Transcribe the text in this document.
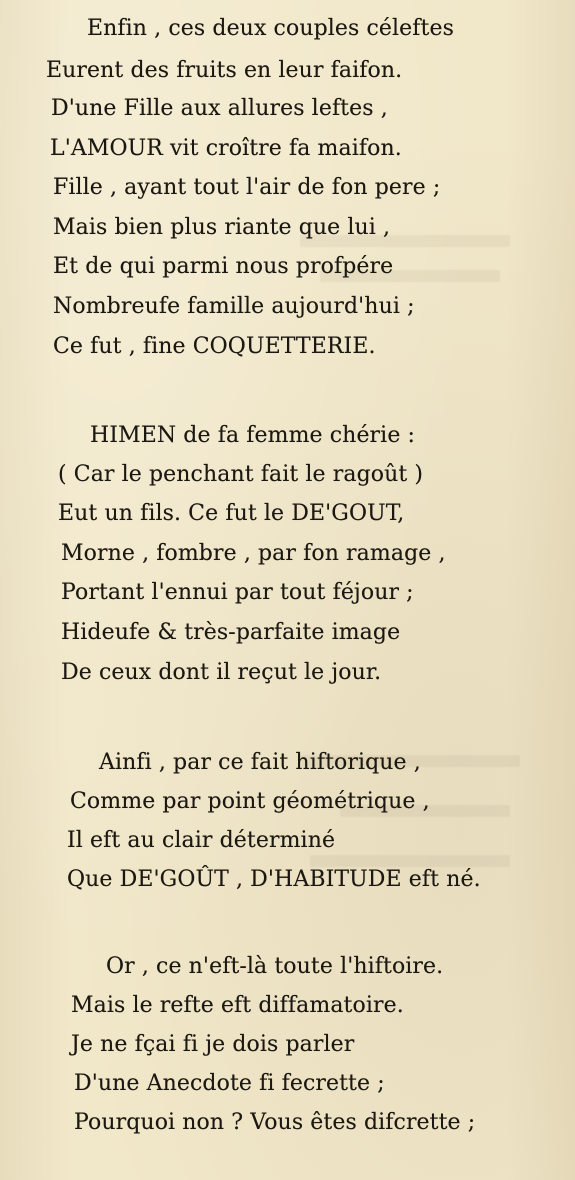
Enfin , ces deux couples céleftes
Eurent des fruits en leur faifon.
D'une Fille aux allures leftes ,
L'AMOUR vit croître fa maifon.
Fille , ayant tout l'air de fon pere ;
Mais bien plus riante que lui ,
Et de qui parmi nous profpére
Nombreufe famille aujourd'hui ;
Ce fut , fine COQUETTERIE.
HIMEN de fa femme chérie :
( Car le penchant fait le ragoût )
Eut un fils. Ce fut le DE'GOUT,
Morne , fombre , par fon ramage ,
Portant l'ennui par tout féjour ;
Hideufe & très-parfaite image
De ceux dont il reçut le jour.
Ainfi , par ce fait hiftorique ,
Comme par point géométrique ,
Il eft au clair déterminé
Que DE'GOÛT , D'HABITUDE eft né.
Or , ce n'eft-là toute l'hiftoire.
Mais le refte eft diffamatoire.
Je ne fçai fi je dois parler
D'une Anecdote fi fecrette ;
Pourquoi non ? Vous êtes difcrette ;
